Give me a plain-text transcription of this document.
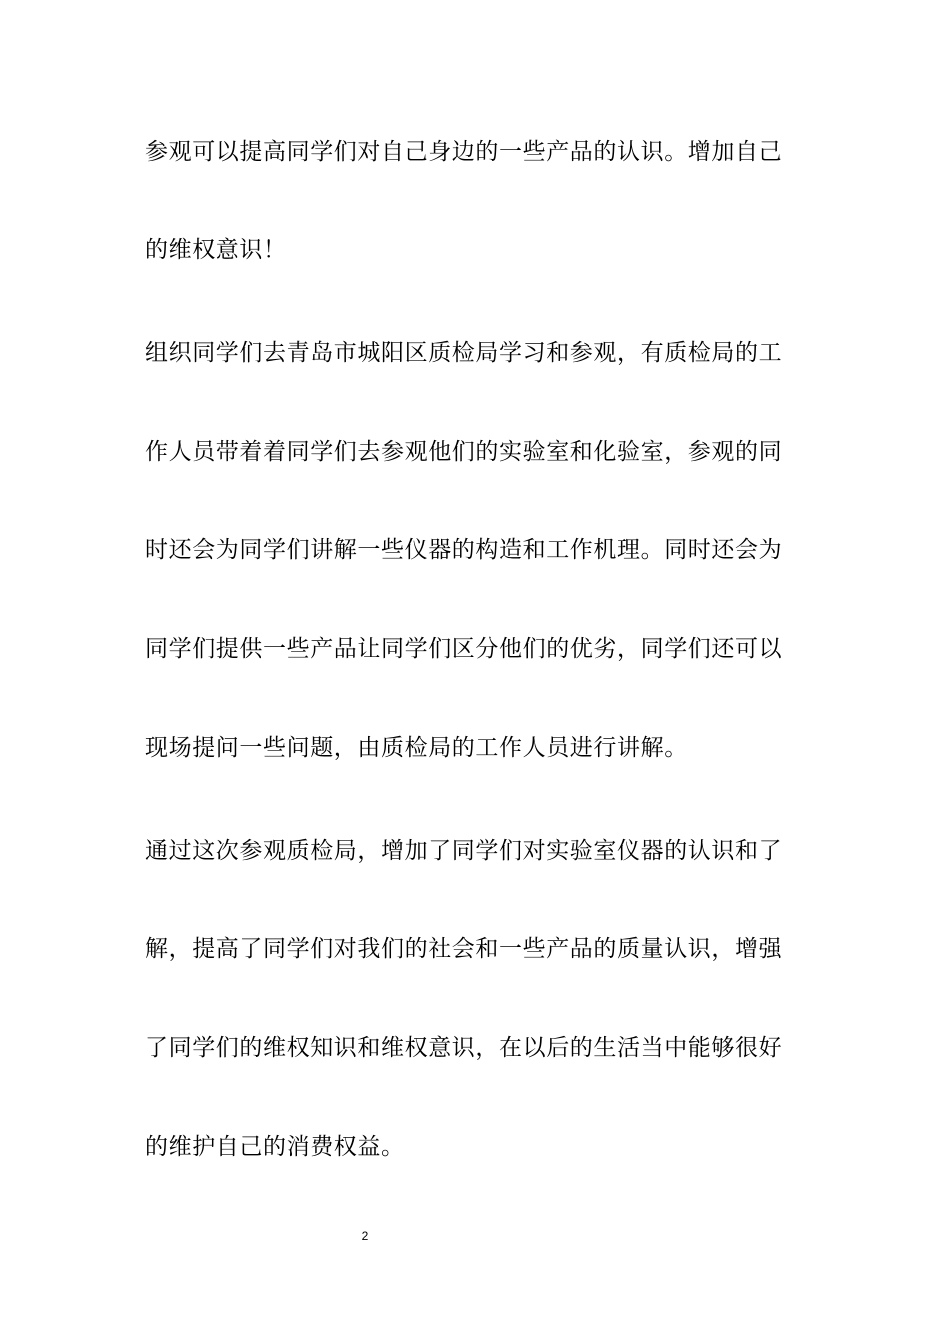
参观可以提高同学们对自己身边的一些产品的认识。增加自己
的维权意识！
组织同学们去青岛市城阳区质检局学习和参观，有质检局的工
作人员带着着同学们去参观他们的实验室和化验室，参观的同
时还会为同学们讲解一些仪器的构造和工作机理。同时还会为
同学们提供一些产品让同学们区分他们的优劣，同学们还可以
现场提问一些问题，由质检局的工作人员进行讲解。
通过这次参观质检局，增加了同学们对实验室仪器的认识和了
解，提高了同学们对我们的社会和一些产品的质量认识，增强
了同学们的维权知识和维权意识，在以后的生活当中能够很好
的维护自己的消费权益。
2
